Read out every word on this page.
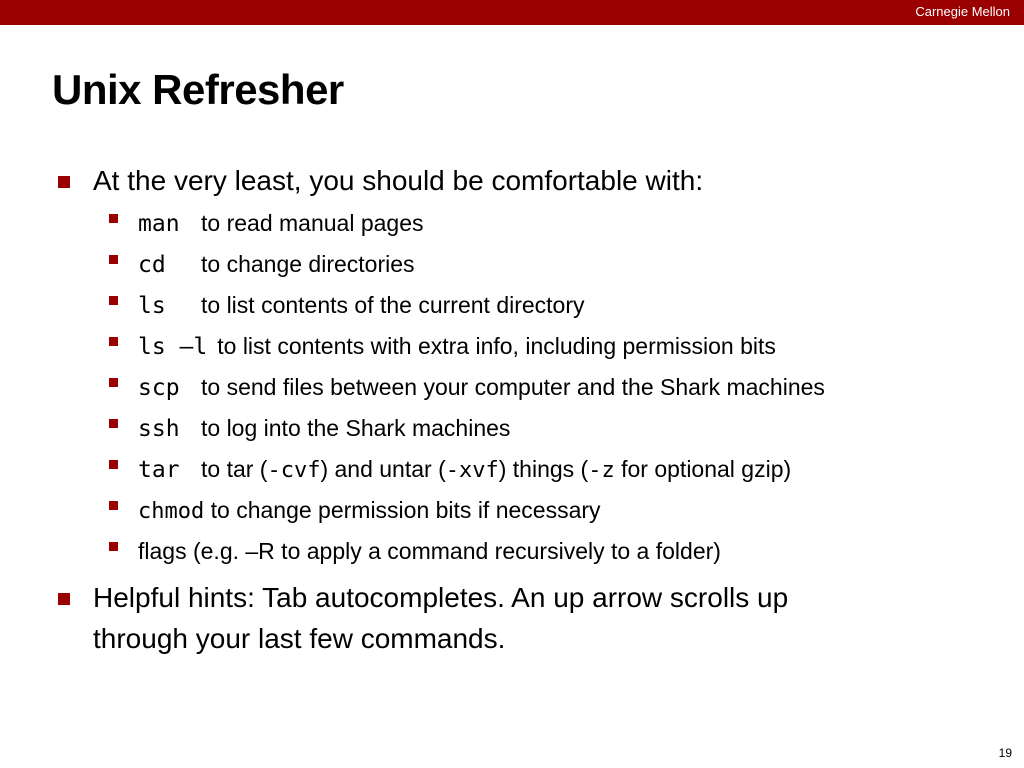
Carnegie Mellon
Unix Refresher
At the very least, you should be comfortable with:
man to read manual pages
cd to change directories
ls to list contents of the current directory
ls –l to list contents with extra info, including permission bits
scp to send files between your computer and the Shark machines
ssh to log into the Shark machines
tar to tar (-cvf) and untar (-xvf) things (-z for optional gzip)
chmod to change permission bits if necessary
flags (e.g. –R to apply a command recursively to a folder)
Helpful hints: Tab autocompletes. An up arrow scrolls up
through your last few commands.
19
